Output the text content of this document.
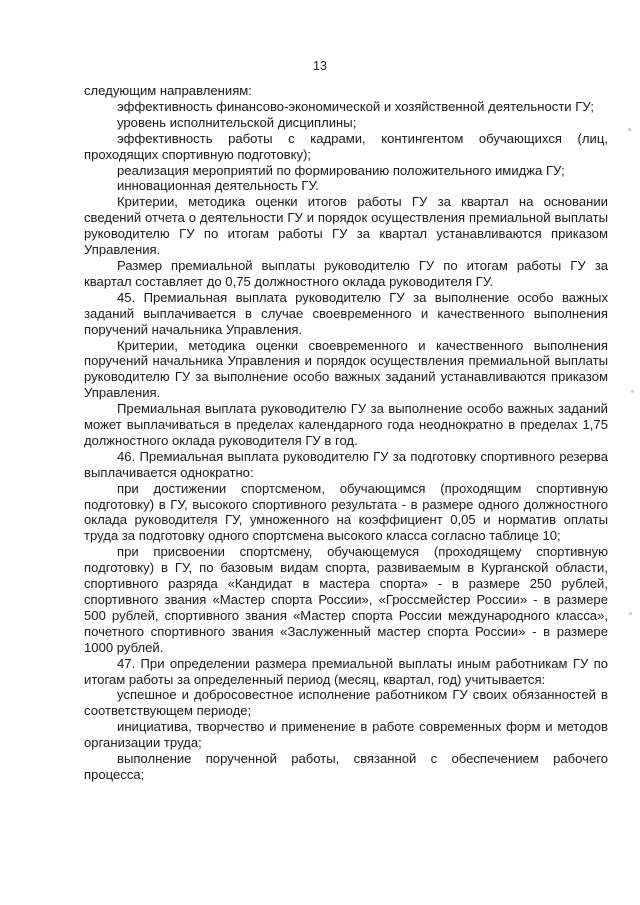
13

следующим направлениям:

эффективность финансово-экономической и хозяйственной деятельности ГУ;

уровень исполнительской дисциплины;

эффективность работы с кадрами, контингентом обучающихся (лиц, проходящих спортивную подготовку);

реализация мероприятий по формированию положительного имиджа ГУ;

инновационная деятельность ГУ.

Критерии, методика оценки итогов работы ГУ за квартал на основании сведений отчета о деятельности ГУ и порядок осуществления премиальной выплаты руководителю ГУ по итогам работы ГУ за квартал устанавливаются приказом Управления.

Размер премиальной выплаты руководителю ГУ по итогам работы ГУ за квартал составляет до 0,75 должностного оклада руководителя ГУ.

45. Премиальная выплата руководителю ГУ за выполнение особо важных заданий выплачивается в случае своевременного и качественного выполнения поручений начальника Управления.

Критерии, методика оценки своевременного и качественного выполнения поручений начальника Управления и порядок осуществления премиальной выплаты руководителю ГУ за выполнение особо важных заданий устанавливаются приказом Управления.

Премиальная выплата руководителю ГУ за выполнение особо важных заданий может выплачиваться в пределах календарного года неоднократно в пределах 1,75 должностного оклада руководителя ГУ в год.

46. Премиальная выплата руководителю ГУ за подготовку спортивного резерва выплачивается однократно:

при достижении спортсменом, обучающимся (проходящим спортивную подготовку) в ГУ, высокого спортивного результата - в размере одного должностного оклада руководителя ГУ, умноженного на коэффициент 0,05 и норматив оплаты труда за подготовку одного спортсмена высокого класса согласно таблице 10;

при присвоении спортсмену, обучающемуся (проходящему спортивную подготовку) в ГУ, по базовым видам спорта, развиваемым в Курганской области, спортивного разряда «Кандидат в мастера спорта» - в размере 250 рублей, спортивного звания «Мастер спорта России», «Гроссмейстер России» - в размере 500 рублей, спортивного звания «Мастер спорта России международного класса», почетного спортивного звания «Заслуженный мастер спорта России» - в размере 1000 рублей.

47. При определении размера премиальной выплаты иным работникам ГУ по итогам работы за определенный период (месяц, квартал, год) учитывается:

успешное и добросовестное исполнение работником ГУ своих обязанностей в соответствующем периоде;

инициатива, творчество и применение в работе современных форм и методов организации труда;

выполнение порученной работы, связанной с обеспечением рабочего процесса;
